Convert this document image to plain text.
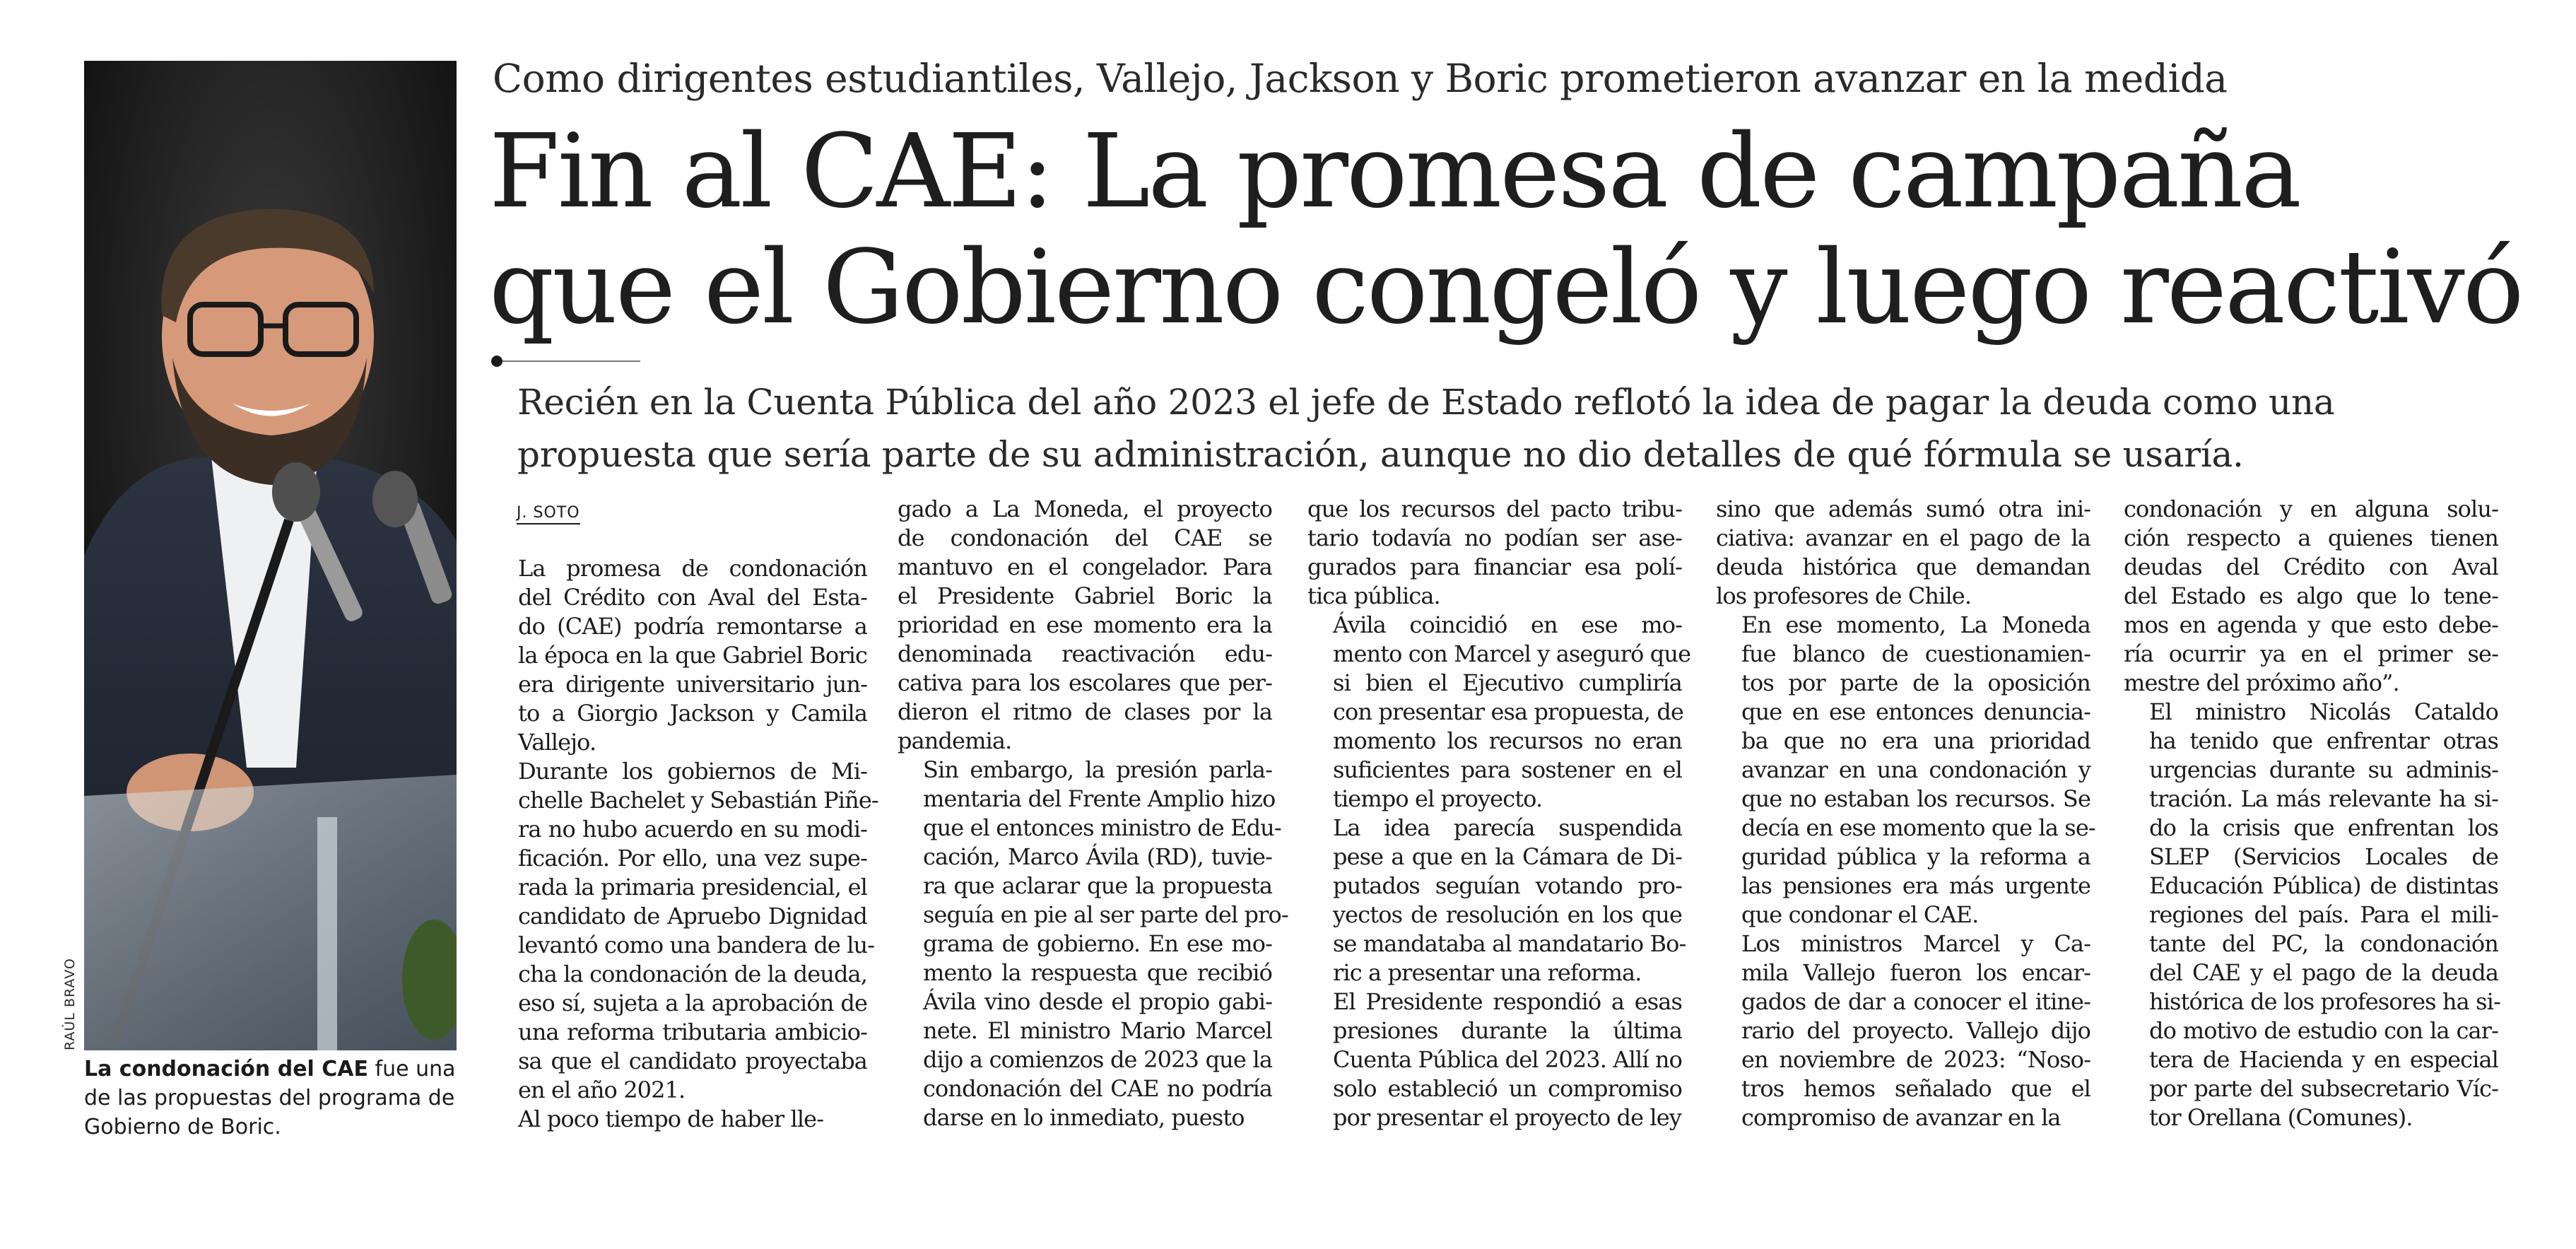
RAÚL BRAVO
La condonación del CAE fue una de las propuestas del programa de Gobierno de Boric.
Como dirigentes estudiantiles, Vallejo, Jackson y Boric prometieron avanzar en la medida
Fin al CAE: La promesa de campaña
que el Gobierno congeló y luego reactivó
Recién en la Cuenta Pública del año 2023 el jefe de Estado reflotó la idea de pagar la deuda como una
propuesta que sería parte de su administración, aunque no dio detalles de qué fórmula se usaría.
J. SOTO

La promesa de condonación
del Crédito con Aval del Esta-
do (CAE) podría remontarse a
la época en la que Gabriel Boric
era dirigente universitario jun-
to a Giorgio Jackson y Camila
Vallejo.

Durante los gobiernos de Mi-
chelle Bachelet y Sebastián Piñe-
ra no hubo acuerdo en su modi-
ficación. Por ello, una vez supe-
rada la primaria presidencial, el
candidato de Apruebo Dignidad
levantó como una bandera de lu-
cha la condonación de la deuda,
eso sí, sujeta a la aprobación de
una reforma tributaria ambicio-
sa que el candidato proyectaba
en el año 2021.

Al poco tiempo de haber lle-

gado a La Moneda, el proyecto
de condonación del CAE se
mantuvo en el congelador. Para
el Presidente Gabriel Boric la
prioridad en ese momento era la
denominada reactivación edu-
cativa para los escolares que per-
dieron el ritmo de clases por la
pandemia.

Sin embargo, la presión parla-
mentaria del Frente Amplio hizo
que el entonces ministro de Edu-
cación, Marco Ávila (RD), tuvie-
ra que aclarar que la propuesta
seguía en pie al ser parte del pro-
grama de gobierno. En ese mo-
mento la respuesta que recibió
Ávila vino desde el propio gabi-
nete. El ministro Mario Marcel
dijo a comienzos de 2023 que la
condonación del CAE no podría
darse en lo inmediato, puesto

que los recursos del pacto tribu-
tario todavía no podían ser ase-
gurados para financiar esa polí-
tica pública.

Ávila coincidió en ese mo-
mento con Marcel y aseguró que
si bien el Ejecutivo cumpliría
con presentar esa propuesta, de
momento los recursos no eran
suficientes para sostener en el
tiempo el proyecto.

La idea parecía suspendida
pese a que en la Cámara de Di-
putados seguían votando pro-
yectos de resolución en los que
se mandataba al mandatario Bo-
ric a presentar una reforma.

El Presidente respondió a esas
presiones durante la última
Cuenta Pública del 2023. Allí no
solo estableció un compromiso
por presentar el proyecto de ley

sino que además sumó otra ini-
ciativa: avanzar en el pago de la
deuda histórica que demandan
los profesores de Chile.

En ese momento, La Moneda
fue blanco de cuestionamien-
tos por parte de la oposición
que en ese entonces denuncia-
ba que no era una prioridad
avanzar en una condonación y
que no estaban los recursos. Se
decía en ese momento que la se-
guridad pública y la reforma a
las pensiones era más urgente
que condonar el CAE.

Los ministros Marcel y Ca-
mila Vallejo fueron los encar-
gados de dar a conocer el itine-
rario del proyecto. Vallejo dijo
en noviembre de 2023: “Noso-
tros hemos señalado que el
compromiso de avanzar en la

condonación y en alguna solu-
ción respecto a quienes tienen
deudas del Crédito con Aval
del Estado es algo que lo tene-
mos en agenda y que esto debe-
ría ocurrir ya en el primer se-
mestre del próximo año”.

El ministro Nicolás Cataldo
ha tenido que enfrentar otras
urgencias durante su adminis-
tración. La más relevante ha si-
do la crisis que enfrentan los
SLEP (Servicios Locales de
Educación Pública) de distintas
regiones del país. Para el mili-
tante del PC, la condonación
del CAE y el pago de la deuda
histórica de los profesores ha si-
do motivo de estudio con la car-
tera de Hacienda y en especial
por parte del subsecretario Víc-
tor Orellana (Comunes).
